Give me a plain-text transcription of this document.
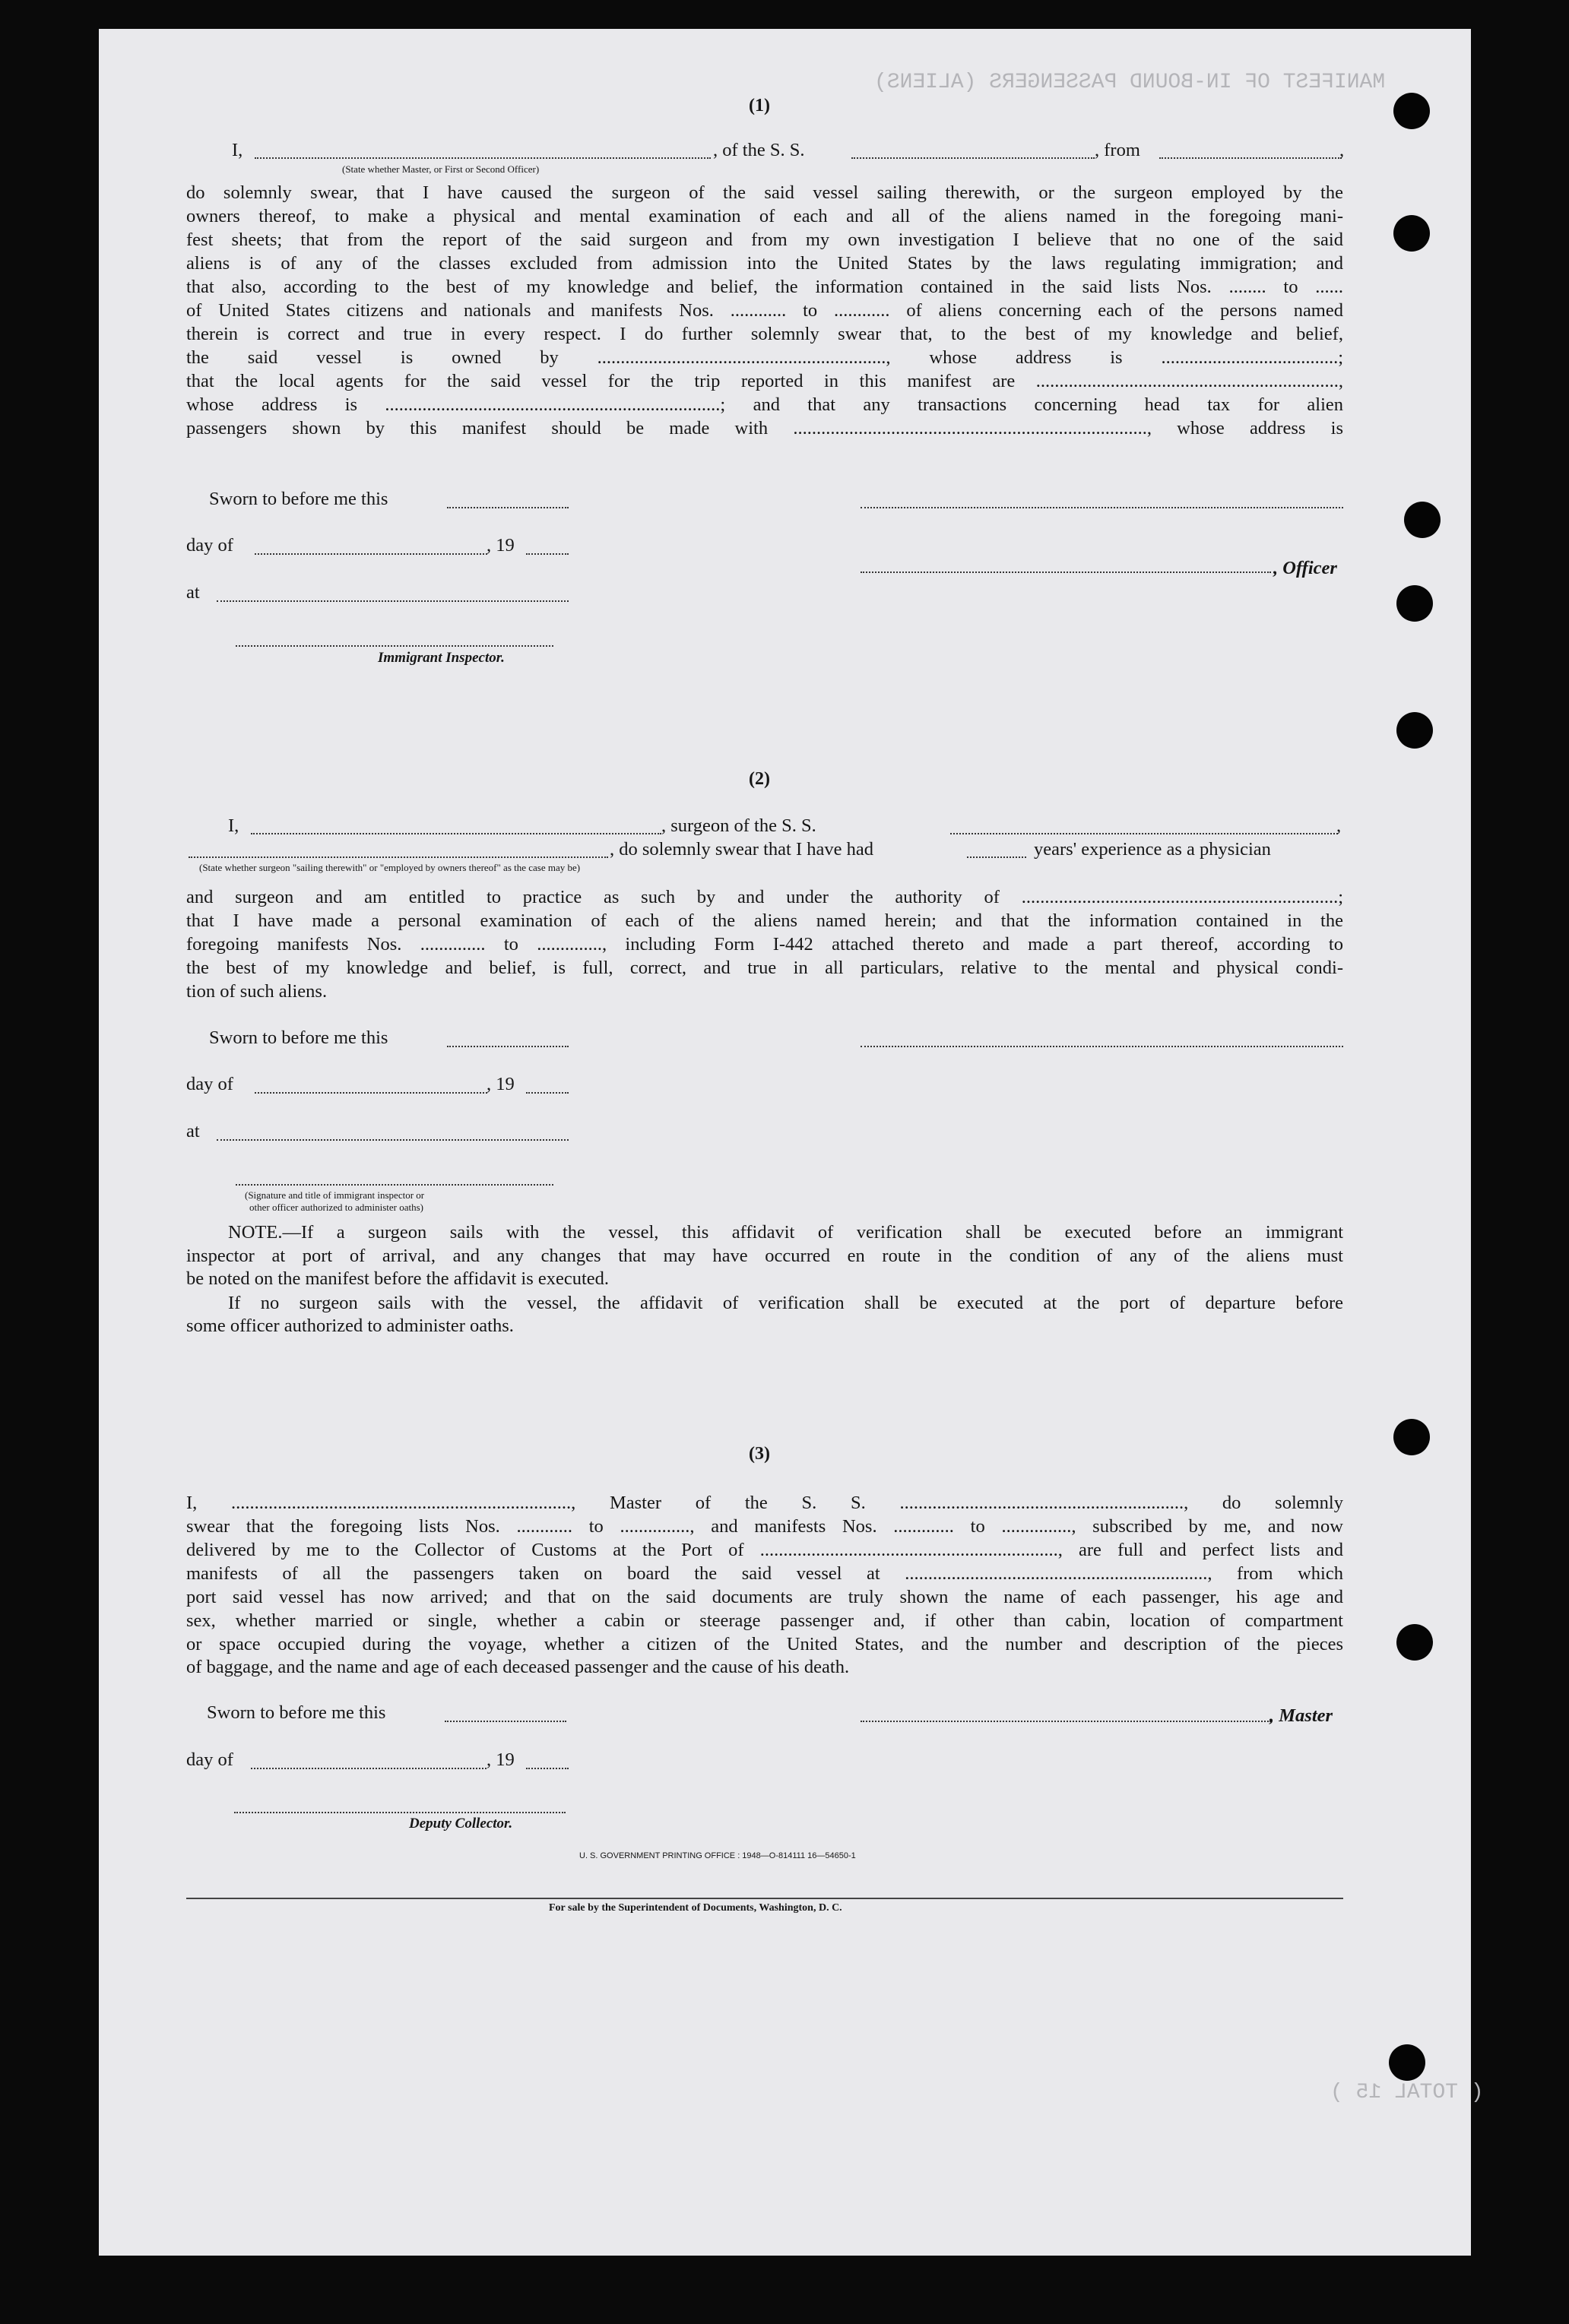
MANIFEST OF IN-BOUND PASSENGERS (ALIENS)
( TOTAL 15 )
(1)
I,	, of the S. S.	, from	,
(State whether Master, or First or Second Officer)
do solemnly swear, that I have caused the surgeon of the said vessel sailing therewith, or the surgeon employed by the
owners thereof, to make a physical and mental examination of each and all of the aliens named in the foregoing mani-
fest sheets; that from the report of the said surgeon and from my own investigation I believe that no one of the said
aliens is of any of the classes excluded from admission into the United States by the laws regulating immigration; and
that also, according to the best of my knowledge and belief, the information contained in the said lists Nos. ........ to ......
of United States citizens and nationals and manifests Nos. ............ to ............ of aliens concerning each of the persons named
therein is correct and true in every respect. I do further solemnly swear that, to the best of my knowledge and belief,
the said vessel is owned by .............................................................., whose address is ......................................;
that the local agents for the said vessel for the trip reported in this manifest are .................................................................,
whose address is ........................................................................; and that any transactions concerning head tax for alien
passengers shown by this manifest should be made with ............................................................................, whose address is
Sworn to before me this
day of	, 19
, Officer
at
Immigrant Inspector.
(2)
I,	, surgeon of the S. S.	,
, do solemnly swear that I have had	years' experience as a physician
(State whether surgeon "sailing therewith" or "employed by owners thereof" as the case may be)
and surgeon and am entitled to practice as such by and under the authority of ....................................................................;
that I have made a personal examination of each of the aliens named herein; and that the information contained in the
foregoing manifests Nos. .............. to .............., including Form I-442 attached thereto and made a part thereof, according to
the best of my knowledge and belief, is full, correct, and true in all particulars, relative to the mental and physical condi-
tion of such aliens.
Sworn to before me this
day of	, 19
at
(Signature and title of immigrant inspector or
other officer authorized to administer oaths)
NOTE.—If a surgeon sails with the vessel, this affidavit of verification shall be executed before an immigrant
inspector at port of arrival, and any changes that may have occurred en route in the condition of any of the aliens must
be noted on the manifest before the affidavit is executed.
If no surgeon sails with the vessel, the affidavit of verification shall be executed at the port of departure before
some officer authorized to administer oaths.
(3)
I, ........................................................................., Master of the S. S. ............................................................., do solemnly
swear that the foregoing lists Nos. ............ to ..............., and manifests Nos. ............. to ..............., subscribed by me, and now
delivered by me to the Collector of Customs at the Port of ................................................................, are full and perfect lists and
manifests of all the passengers taken on board the said vessel at ................................................................., from which
port said vessel has now arrived; and that on the said documents are truly shown the name of each passenger, his age and
sex, whether married or single, whether a cabin or steerage passenger and, if other than cabin, location of compartment
or space occupied during the voyage, whether a citizen of the United States, and the number and description of the pieces
of baggage, and the name and age of each deceased passenger and the cause of his death.
Sworn to before me this	, Master
day of	, 19
Deputy Collector.
U. S. GOVERNMENT PRINTING OFFICE : 1948—O-814111 16—54650-1
For sale by the Superintendent of Documents, Washington, D. C.
